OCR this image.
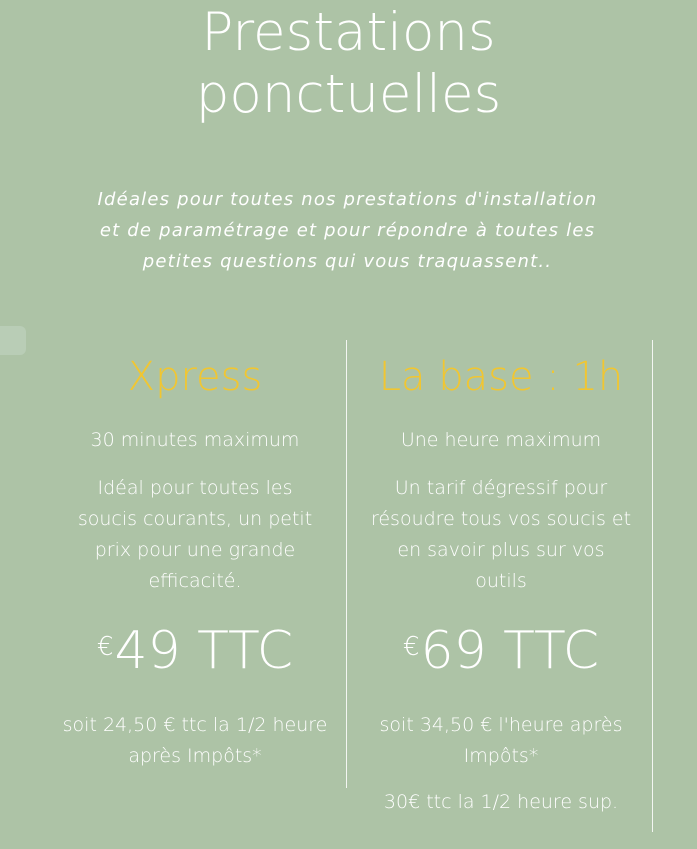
Prestations
ponctuelles

Idéales pour toutes nos prestations d'installation et de paramétrage et pour répondre à toutes les petites questions qui vous traquassent..

Xpress
30 minutes maximum
Idéal pour toutes les soucis courants, un petit prix pour une grande efficacité.
€49 TTC
soit 24,50 € ttc la 1/2 heure après Impôts*
La base : 1h
Une heure maximum
Un tarif dégressif pour résoudre tous vos soucis et en savoir plus sur vos outils
€69 TTC
soit 34,50 € l'heure après Impôts*
30€ ttc la 1/2 heure sup.
